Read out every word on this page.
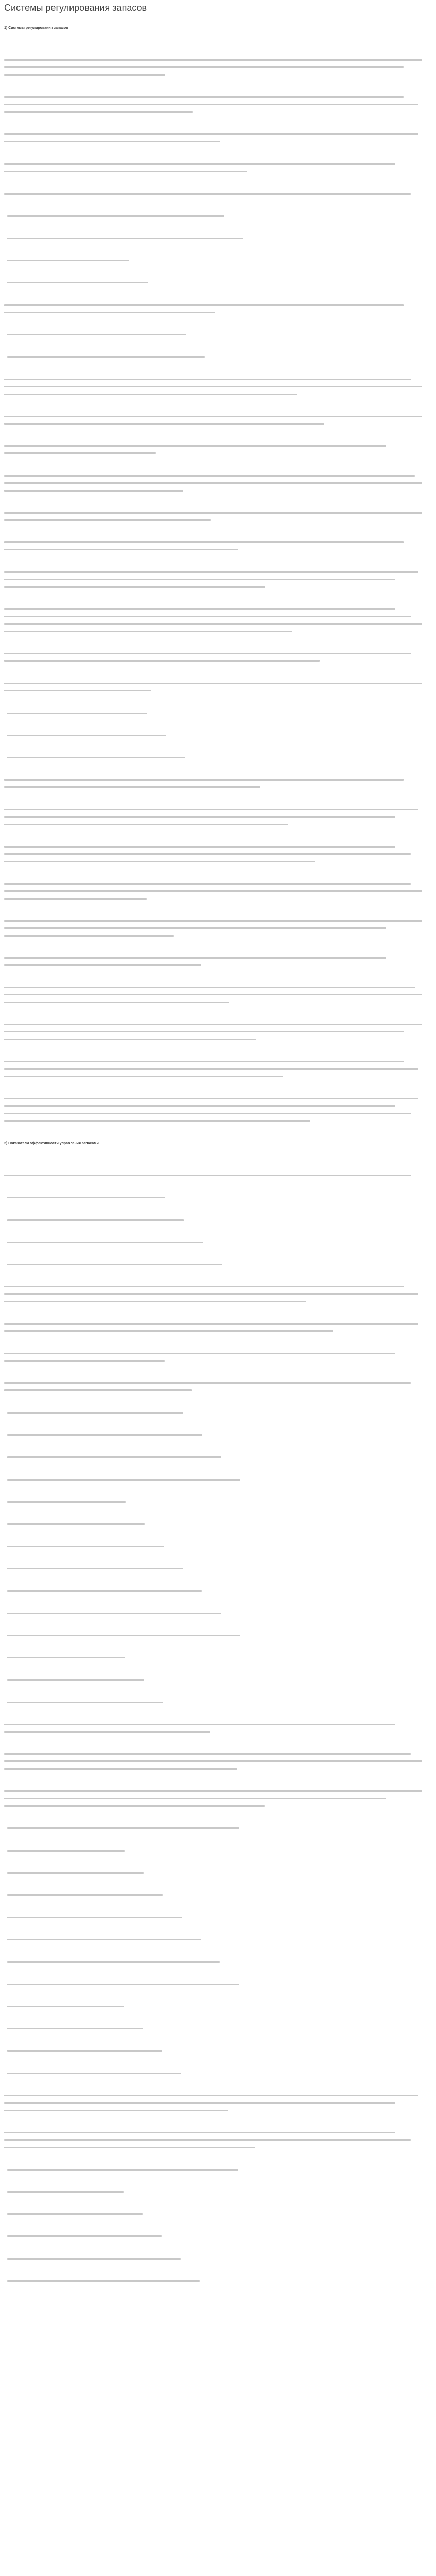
Системы регулирования запасов
1) Системы регулирования запасов
2) Показатели эффективности управления запасами
